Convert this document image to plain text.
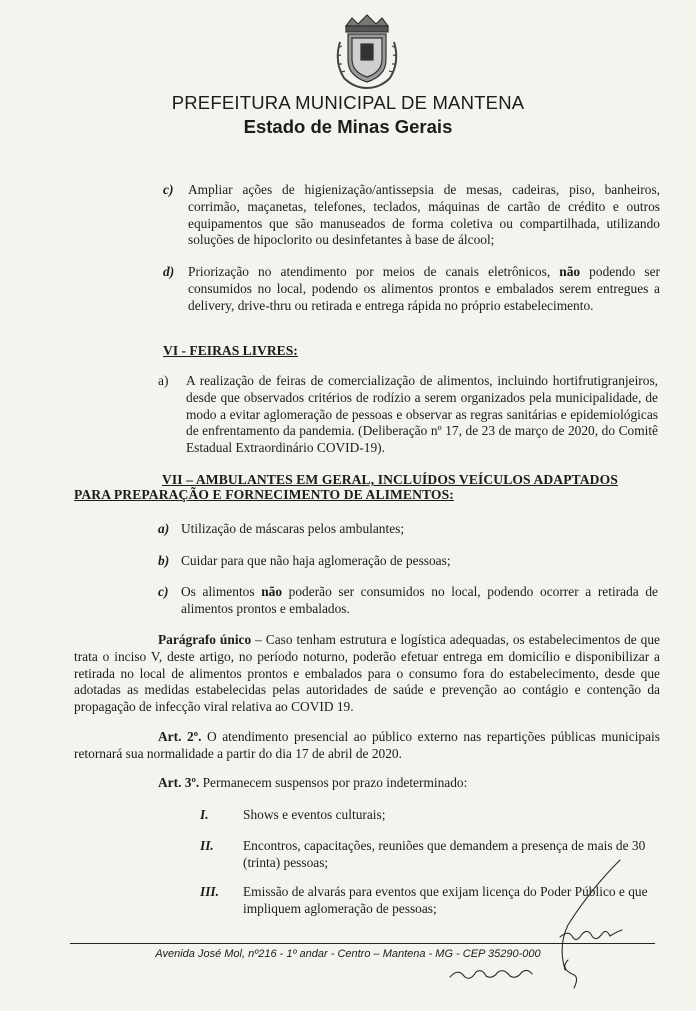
PREFEITURA MUNICIPAL DE MANTENA
Estado de Minas Gerais
c)	Ampliar ações de higienização/antissepsia de mesas, cadeiras, piso, banheiros, corrimão, maçanetas, telefones, teclados, máquinas de cartão de crédito e outros equipamentos que são manuseados de forma coletiva ou compartilhada, utilizando soluções de hipoclorito ou desinfetantes à base de álcool;
d)	Priorização no atendimento por meios de canais eletrônicos, não podendo ser consumidos no local, podendo os alimentos prontos e embalados serem entregues a delivery, drive-thru ou retirada e entrega rápida no próprio estabelecimento.
VI - FEIRAS LIVRES:
a)	A realização de feiras de comercialização de alimentos, incluindo hortifrutigranjeiros, desde que observados critérios de rodízio a serem organizados pela municipalidade, de modo a evitar aglomeração de pessoas e observar as regras sanitárias e epidemiológicas de enfrentamento da pandemia. (Deliberação nº 17, de 23 de março de 2020, do Comitê Estadual Extraordinário COVID-19).
VII – AMBULANTES EM GERAL, INCLUÍDOS VEÍCULOS ADAPTADOS
PARA PREPARAÇÃO E FORNECIMENTO DE ALIMENTOS:
a) Utilização de máscaras pelos ambulantes;
b) Cuidar para que não haja aglomeração de pessoas;
c) Os alimentos não poderão ser consumidos no local, podendo ocorrer a retirada de alimentos prontos e embalados.
Parágrafo único – Caso tenham estrutura e logística adequadas, os estabelecimentos de que trata o inciso V, deste artigo, no período noturno, poderão efetuar entrega em domicílio e disponibilizar a retirada no local de alimentos prontos e embalados para o consumo fora do estabelecimento, desde que adotadas as medidas estabelecidas pelas autoridades de saúde e prevenção ao contágio e contenção da propagação de infecção viral relativa ao COVID 19.
Art. 2º. O atendimento presencial ao público externo nas repartições públicas municipais retornará sua normalidade a partir do dia 17 de abril de 2020.
Art. 3º. Permanecem suspensos por prazo indeterminado:
I.	Shows e eventos culturais;
II. Encontros, capacitações, reuniões que demandem a presença de mais de 30 (trinta) pessoas;
III. Emissão de alvarás para eventos que exijam licença do Poder Público e que impliquem aglomeração de pessoas;
Avenida José Mol, nº216 - 1º andar - Centro – Mantena - MG - CEP 35290-000
